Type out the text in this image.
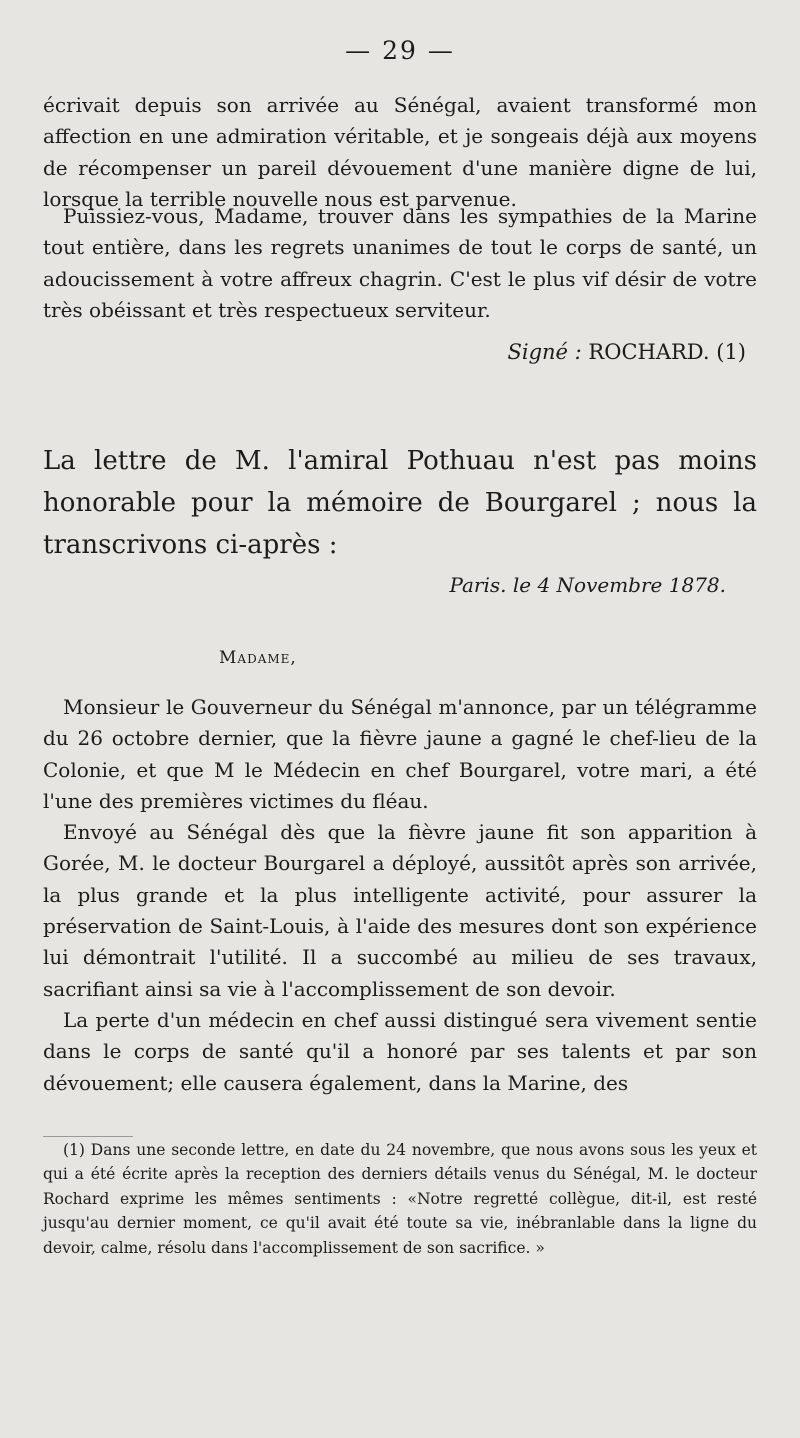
— 29 —

écrivait depuis son arrivée au Sénégal, avaient transformé mon affection en une admiration véritable, et je songeais déjà aux moyens de récompenser un pareil dévouement d'une manière digne de lui, lorsque la terrible nouvelle nous est parvenue.

Puissiez-vous, Madame, trouver dans les sympathies de la Marine tout entière, dans les regrets unanimes de tout le corps de santé, un adoucissement à votre affreux chagrin. C'est le plus vif désir de votre très obéissant et très respectueux serviteur.

Signé : ROCHARD. (1)
La lettre de M. l'amiral Pothuau n'est pas moins honorable pour la mémoire de Bourgarel ; nous la transcrivons ci-après :
Paris. le 4 Novembre 1878.
Madame,

Monsieur le Gouverneur du Sénégal m'annonce, par un télégramme du 26 octobre dernier, que la fièvre jaune a gagné le chef-lieu de la Colonie, et que M le Médecin en chef Bourgarel, votre mari, a été l'une des premières victimes du fléau.

Envoyé au Sénégal dès que la fièvre jaune fit son apparition à Gorée, M. le docteur Bourgarel a déployé, aussitôt après son arrivée, la plus grande et la plus intelligente activité, pour assurer la préservation de Saint-Louis, à l'aide des mesures dont son expérience lui démontrait l'utilité. Il a succombé au milieu de ses travaux, sacrifiant ainsi sa vie à l'accomplissement de son devoir.

La perte d'un médecin en chef aussi distingué sera vivement sentie dans le corps de santé qu'il a honoré par ses talents et par son dévouement; elle causera également, dans la Marine, des

(1) Dans une seconde lettre, en date du 24 novembre, que nous avons sous les yeux et qui a été écrite après la reception des derniers détails venus du Sénégal, M. le docteur Rochard exprime les mêmes sentiments : «Notre regretté collègue, dit-il, est resté jusqu'au dernier moment, ce qu'il avait été toute sa vie, inébranlable dans la ligne du devoir, calme, résolu dans l'accomplissement de son sacrifice. »
